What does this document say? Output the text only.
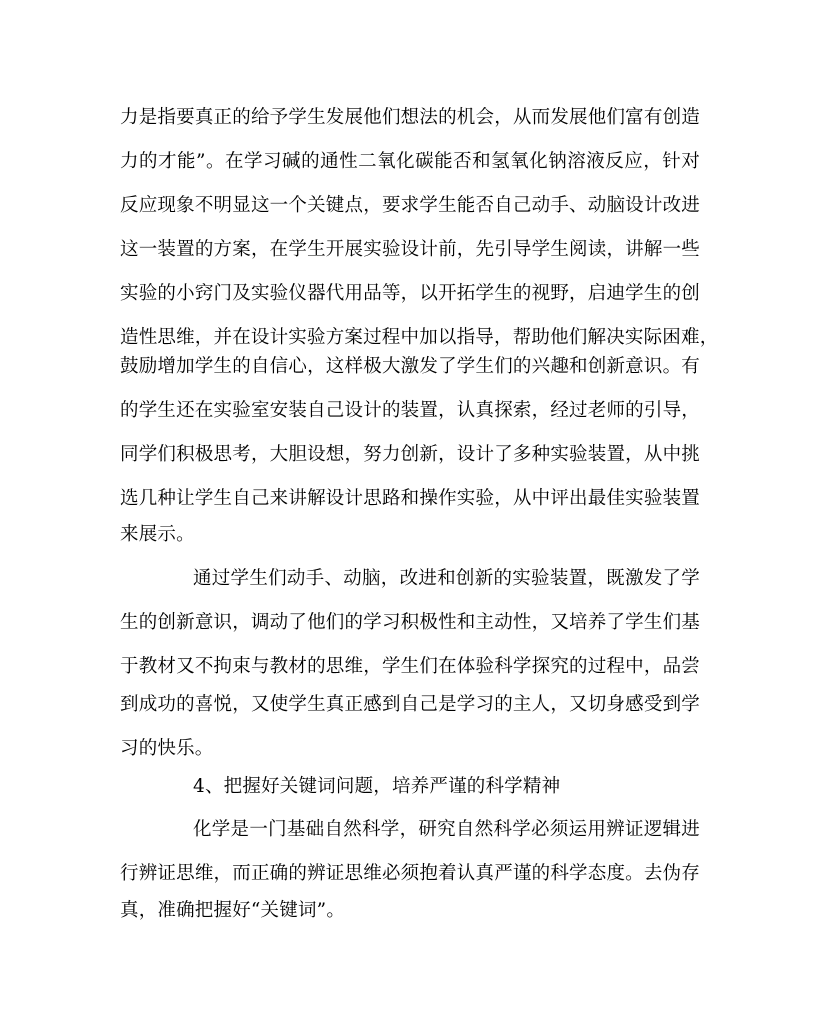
力是指要真正的给予学生发展他们想法的机会，从而发展他们富有创造
力的才能”。在学习碱的通性二氧化碳能否和氢氧化钠溶液反应，针对
反应现象不明显这一个关键点，要求学生能否自己动手、动脑设计改进
这一装置的方案，在学生开展实验设计前，先引导学生阅读，讲解一些
实验的小窍门及实验仪器代用品等，以开拓学生的视野，启迪学生的创
造性思维，并在设计实验方案过程中加以指导，帮助他们解决实际困难，
鼓励增加学生的自信心，这样极大激发了学生们的兴趣和创新意识。有
的学生还在实验室安装自己设计的装置，认真探索，经过老师的引导，
同学们积极思考，大胆设想，努力创新，设计了多种实验装置，从中挑
选几种让学生自己来讲解设计思路和操作实验，从中评出最佳实验装置
来展示。
通过学生们动手、动脑，改进和创新的实验装置，既激发了学
生的创新意识，调动了他们的学习积极性和主动性，又培养了学生们基
于教材又不拘束与教材的思维，学生们在体验科学探究的过程中，品尝
到成功的喜悦，又使学生真正感到自己是学习的主人，又切身感受到学
习的快乐。
4、把握好关键词问题，培养严谨的科学精神
化学是一门基础自然科学，研究自然科学必须运用辨证逻辑进
行辨证思维，而正确的辨证思维必须抱着认真严谨的科学态度。去伪存
真，准确把握好“关键词”。
